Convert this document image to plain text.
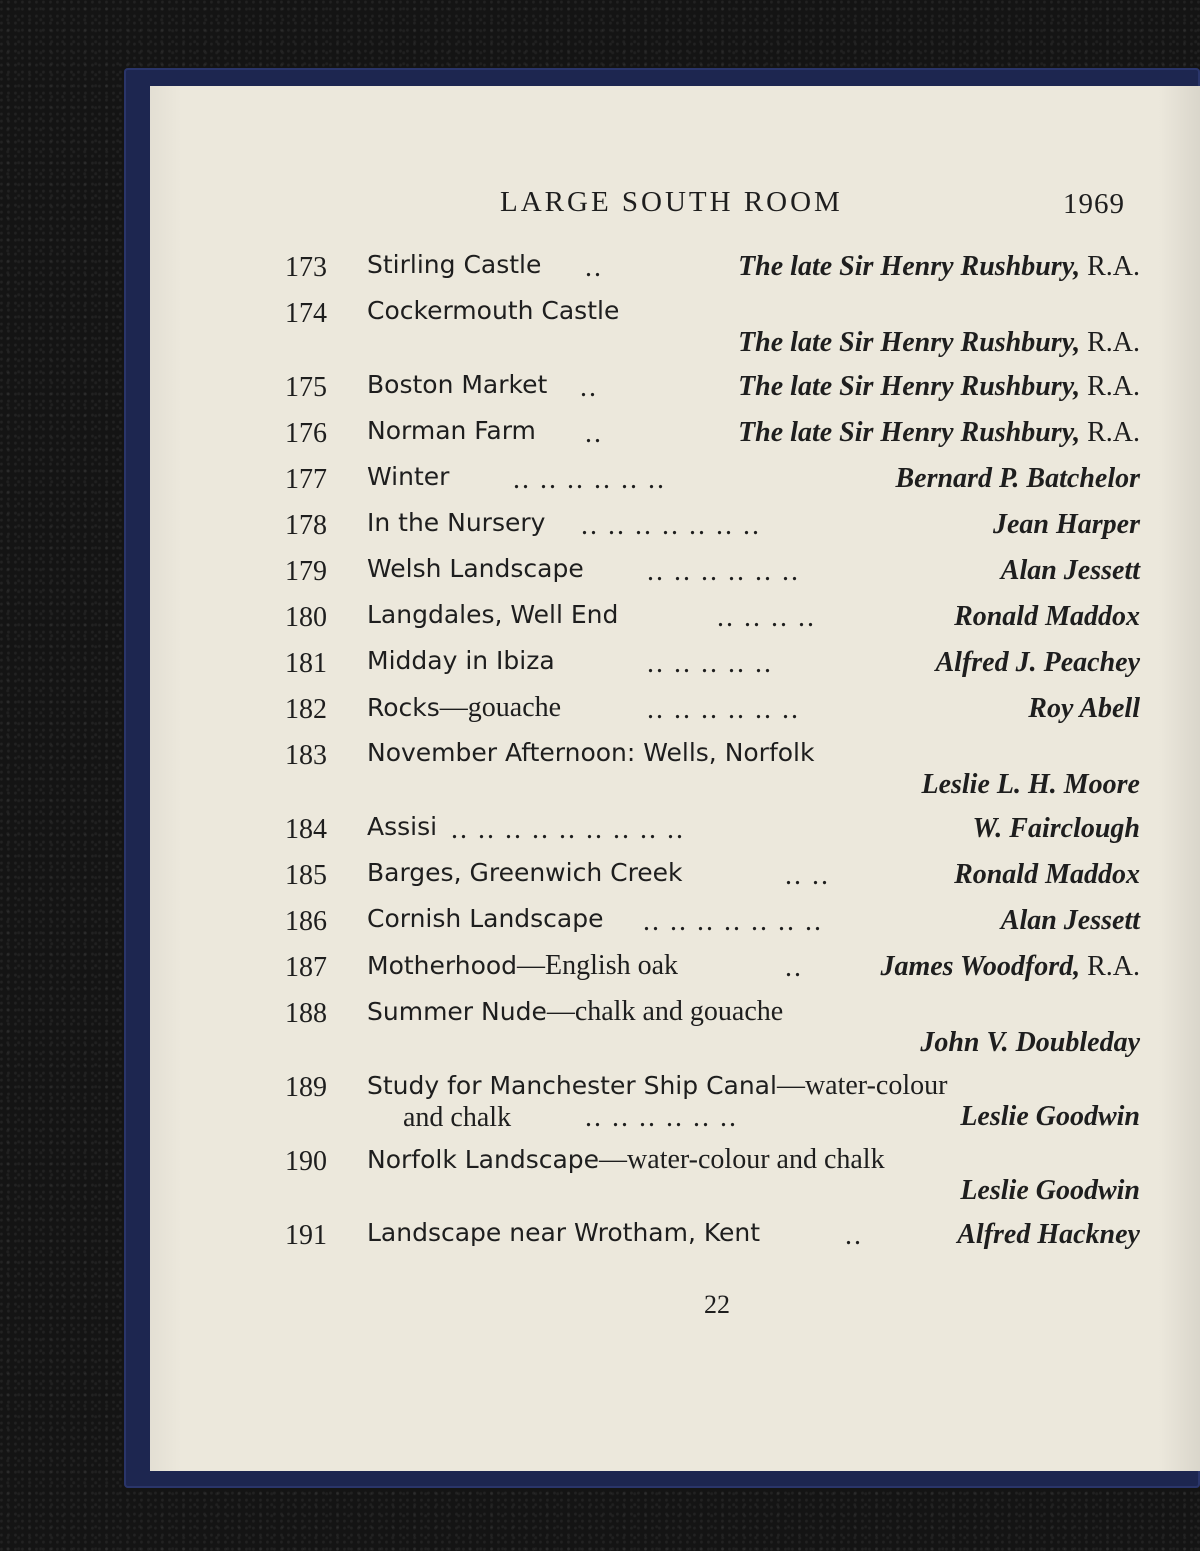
LARGE SOUTH ROOM	1969
173 Stirling Castle ..	The late Sir Henry Rushbury, R.A.
174 Cockermouth Castle
The late Sir Henry Rushbury, R.A.
175 Boston Market ..	The late Sir Henry Rushbury, R.A.
176 Norman Farm ..	The late Sir Henry Rushbury, R.A.
177 Winter .. .. .. .. .. ..	Bernard P. Batchelor
178 In the Nursery .. .. .. .. .. .. ..	Jean Harper
179 Welsh Landscape .. .. .. .. .. ..	Alan Jessett
180 Langdales, Well End	.. .. .. ..	Ronald Maddox
181 Midday in Ibiza	.. .. .. .. ..	Alfred J. Peachey
182 Rocks—gouache	.. .. .. .. .. ..	Roy Abell
183 November Afternoon: Wells, Norfolk
Leslie L. H. Moore
184 Assisi .. .. .. .. .. .. .. .. ..	W. Fairclough
185 Barges, Greenwich Creek	.. ..	Ronald Maddox
186 Cornish Landscape .. .. .. .. .. .. ..	Alan Jessett
187 Motherhood—English oak	..	James Woodford, R.A.
188 Summer Nude—chalk and gouache
John V. Doubleday
189 Study for Manchester Ship Canal—water-colour
and chalk	.. .. .. .. .. ..	Leslie Goodwin
190 Norfolk Landscape—water-colour and chalk
Leslie Goodwin
191 Landscape near Wrotham, Kent	..	Alfred Hackney
22
